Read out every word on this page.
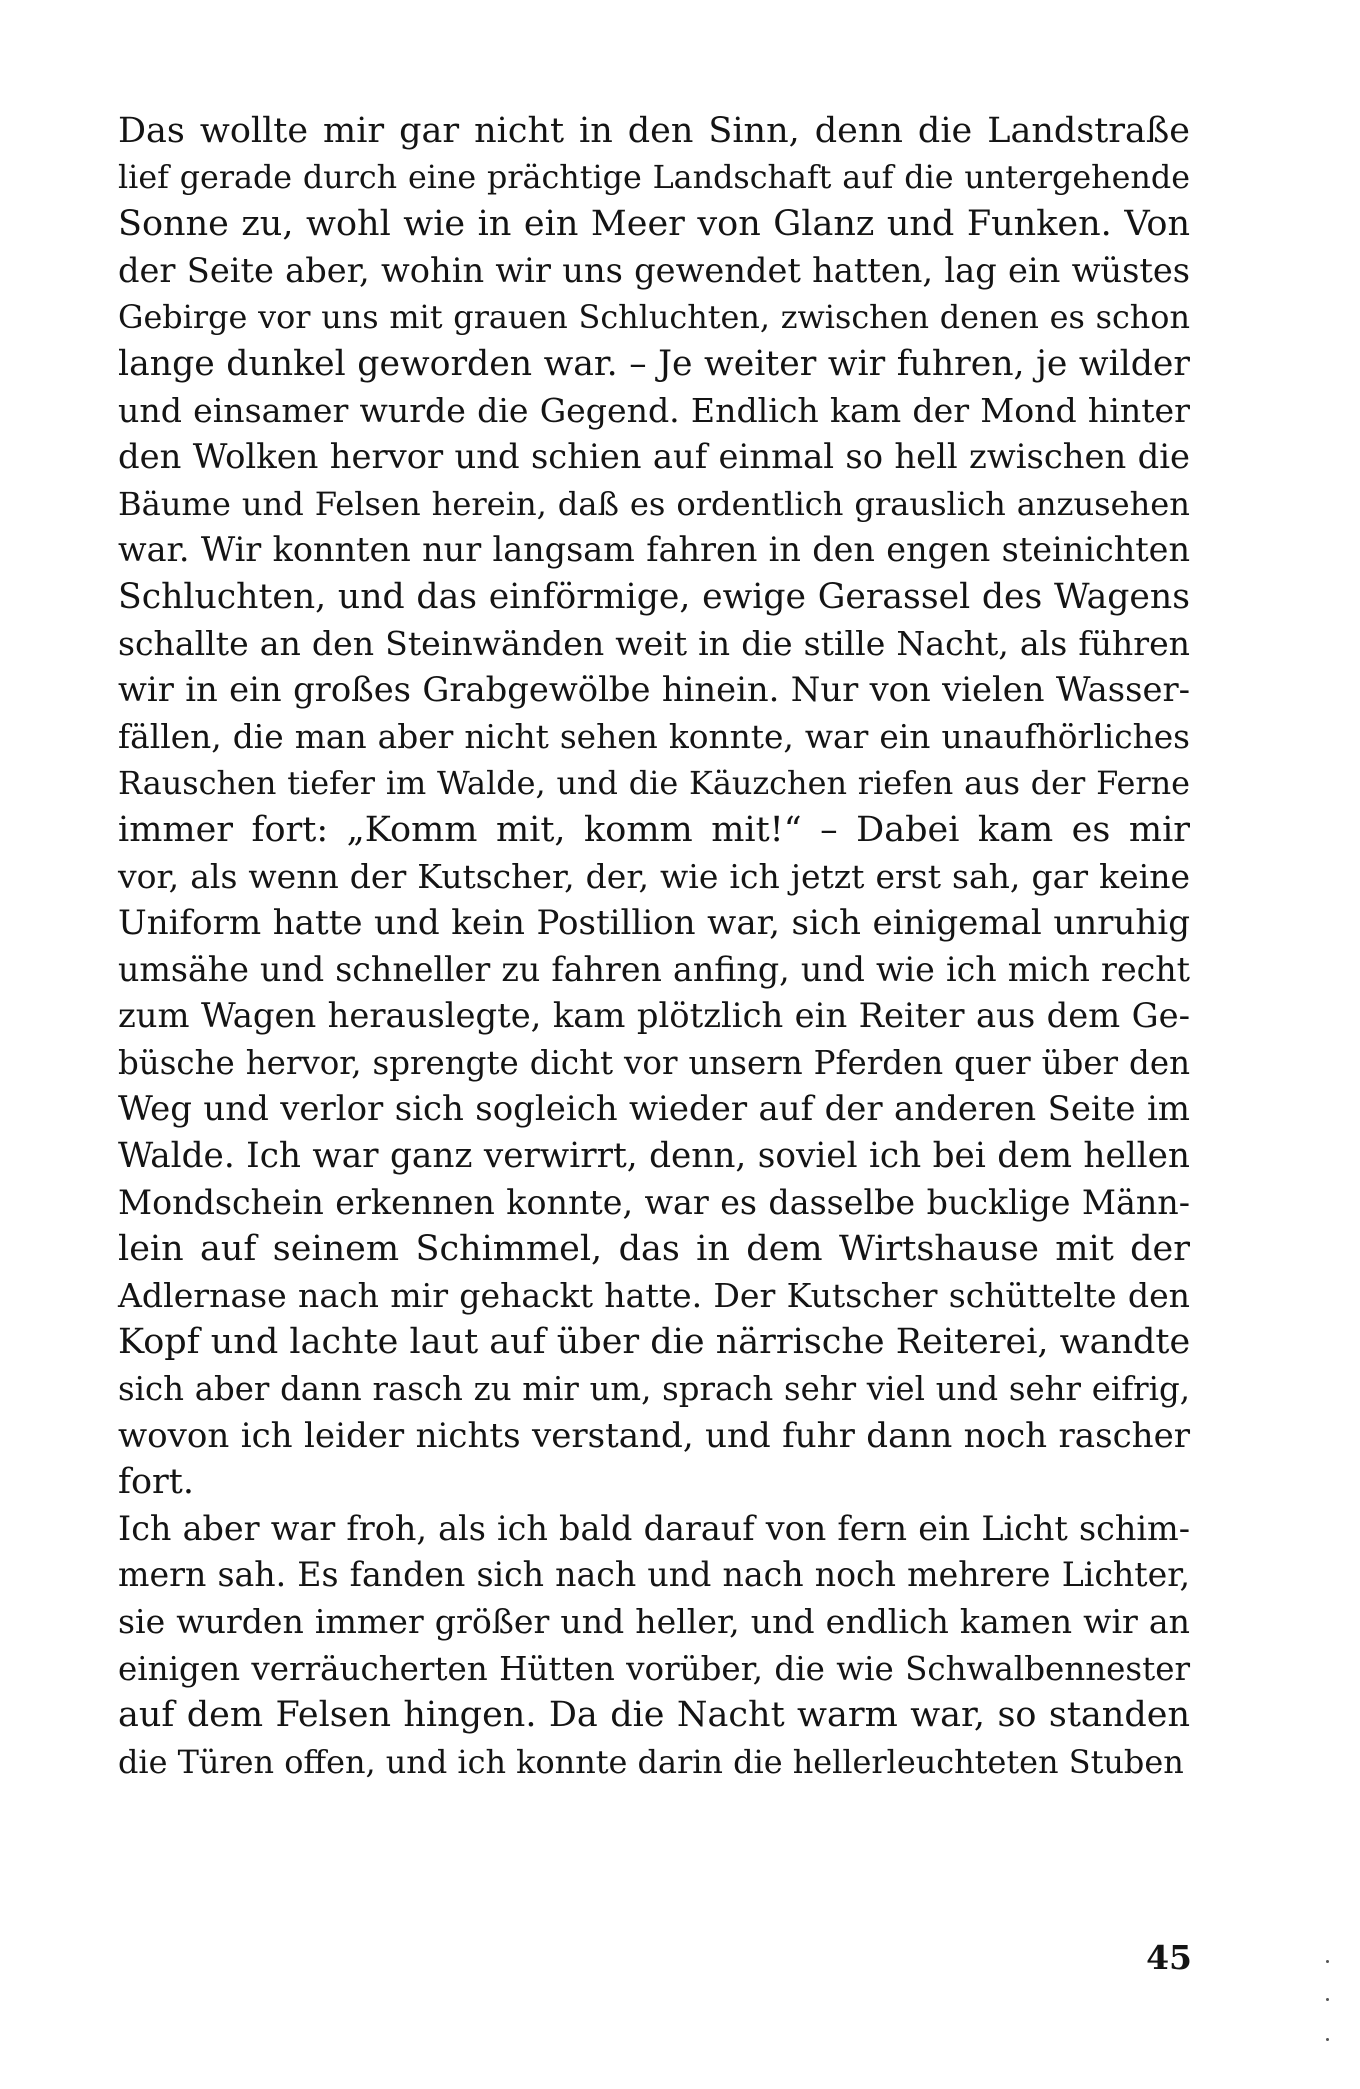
Das wollte mir gar nicht in den Sinn, denn die Landstraße
lief gerade durch eine prächtige Landschaft auf die untergehende
Sonne zu, wohl wie in ein Meer von Glanz und Funken. Von
der Seite aber, wohin wir uns gewendet hatten, lag ein wüstes
Gebirge vor uns mit grauen Schluchten, zwischen denen es schon
lange dunkel geworden war. – Je weiter wir fuhren, je wilder
und einsamer wurde die Gegend. Endlich kam der Mond hinter
den Wolken hervor und schien auf einmal so hell zwischen die
Bäume und Felsen herein, daß es ordentlich grauslich anzusehen
war. Wir konnten nur langsam fahren in den engen steinichten
Schluchten, und das einförmige, ewige Gerassel des Wagens
schallte an den Steinwänden weit in die stille Nacht, als führen
wir in ein großes Grabgewölbe hinein. Nur von vielen Wasser-
fällen, die man aber nicht sehen konnte, war ein unaufhörliches
Rauschen tiefer im Walde, und die Käuzchen riefen aus der Ferne
immer fort: „Komm mit, komm mit!“ – Dabei kam es mir
vor, als wenn der Kutscher, der, wie ich jetzt erst sah, gar keine
Uniform hatte und kein Postillion war, sich einigemal unruhig
umsähe und schneller zu fahren anfing, und wie ich mich recht
zum Wagen herauslegte, kam plötzlich ein Reiter aus dem Ge-
büsche hervor, sprengte dicht vor unsern Pferden quer über den
Weg und verlor sich sogleich wieder auf der anderen Seite im
Walde. Ich war ganz verwirrt, denn, soviel ich bei dem hellen
Mondschein erkennen konnte, war es dasselbe bucklige Männ-
lein auf seinem Schimmel, das in dem Wirtshause mit der
Adlernase nach mir gehackt hatte. Der Kutscher schüttelte den
Kopf und lachte laut auf über die närrische Reiterei, wandte
sich aber dann rasch zu mir um, sprach sehr viel und sehr eifrig,
wovon ich leider nichts verstand, und fuhr dann noch rascher
fort.
Ich aber war froh, als ich bald darauf von fern ein Licht schim-
mern sah. Es fanden sich nach und nach noch mehrere Lichter,
sie wurden immer größer und heller, und endlich kamen wir an
einigen verräucherten Hütten vorüber, die wie Schwalbennester
auf dem Felsen hingen. Da die Nacht warm war, so standen
die Türen offen, und ich konnte darin die hellerleuchteten Stuben
45
